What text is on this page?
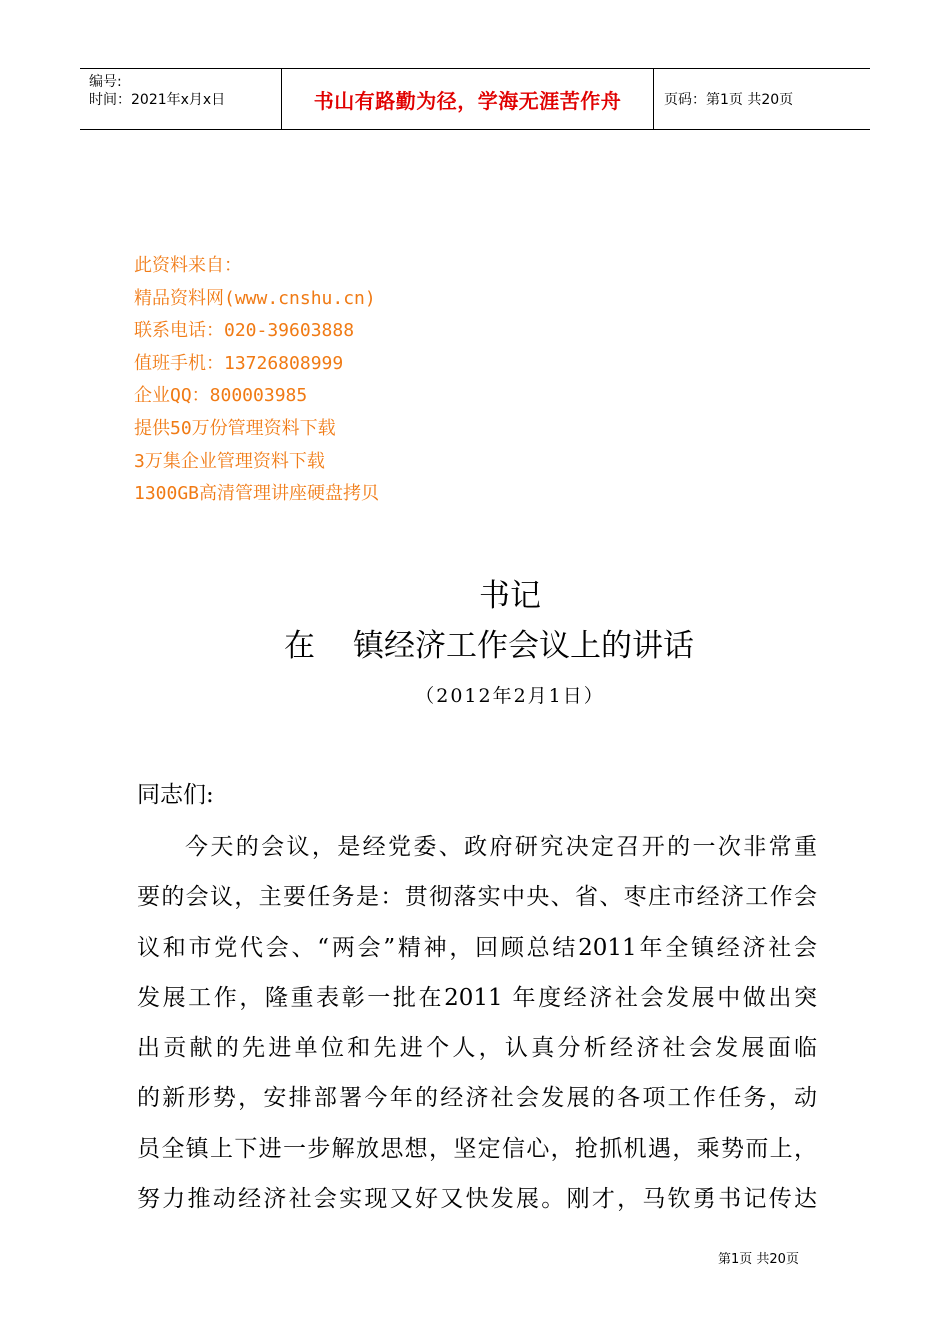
编号:
时间：2021年x月x日	书山有路勤为径，学海无涯苦作舟	页码：第1页 共20页
此资料来自：
精品资料网(www.cnshu.cn)
联系电话：020-39603888
值班手机：13726808999
企业QQ：800003985
提供50万份管理资料下载
3万集企业管理资料下载
1300GB高清管理讲座硬盘拷贝
书记
在 镇经济工作会议上的讲话
（2012年2月1日）
同志们:
今天的会议，是经党委、政府研究决定召开的一次非常重
要的会议，主要任务是：贯彻落实中央、省、枣庄市经济工作会
议和市党代会、“两会”精神，回顾总结2011年全镇经济社会
发展工作，隆重表彰一批在2011 年度经济社会发展中做出突
出贡献的先进单位和先进个人，认真分析经济社会发展面临
的新形势，安排部署今年的经济社会发展的各项工作任务，动
员全镇上下进一步解放思想，坚定信心，抢抓机遇，乘势而上，
努力推动经济社会实现又好又快发展。刚才，马钦勇书记传达
第1页 共20页
